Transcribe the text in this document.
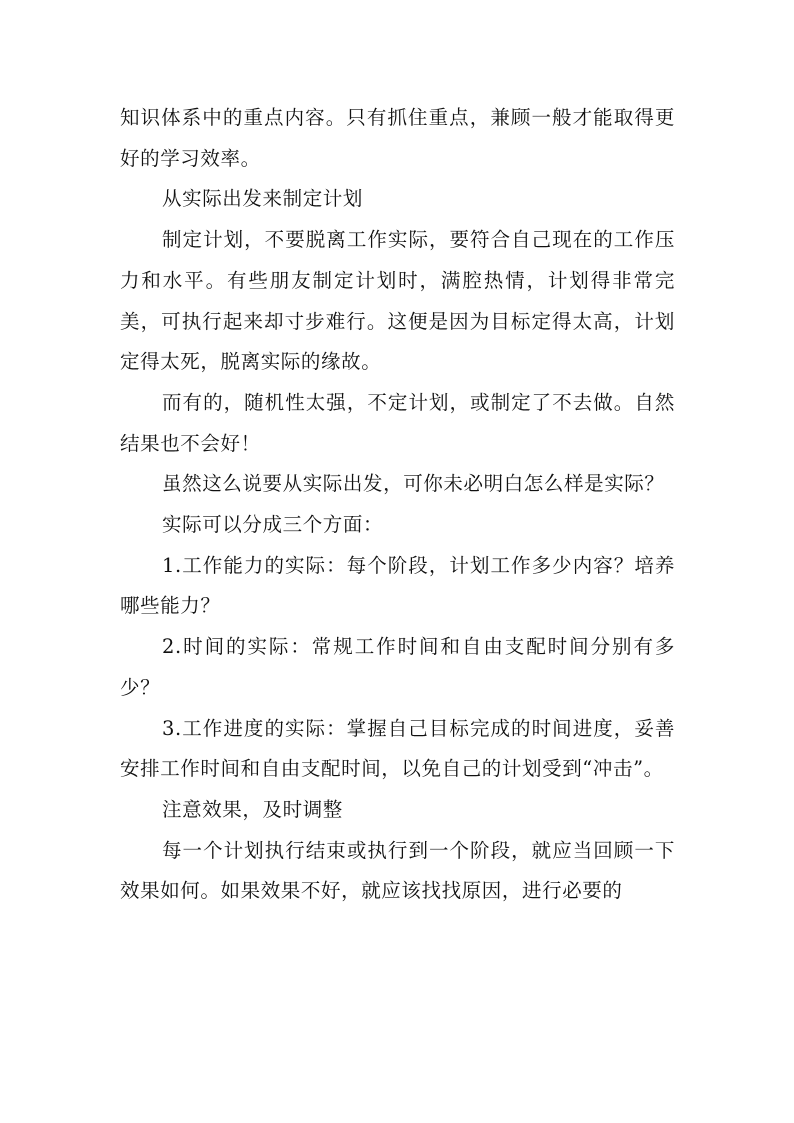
知识体系中的重点内容。只有抓住重点，兼顾一般才能取得更好的学习效率。

从实际出发来制定计划

制定计划，不要脱离工作实际，要符合自己现在的工作压力和水平。有些朋友制定计划时，满腔热情，计划得非常完美，可执行起来却寸步难行。这便是因为目标定得太高，计划定得太死，脱离实际的缘故。

而有的，随机性太强，不定计划，或制定了不去做。自然结果也不会好！

虽然这么说要从实际出发，可你未必明白怎么样是实际？

实际可以分成三个方面：

1.工作能力的实际：每个阶段，计划工作多少内容？培养哪些能力？

2.时间的实际：常规工作时间和自由支配时间分别有多少？

3.工作进度的实际：掌握自己目标完成的时间进度，妥善安排工作时间和自由支配时间，以免自己的计划受到“冲击”。

注意效果，及时调整

每一个计划执行结束或执行到一个阶段，就应当回顾一下效果如何。如果效果不好，就应该找找原因，进行必要的
